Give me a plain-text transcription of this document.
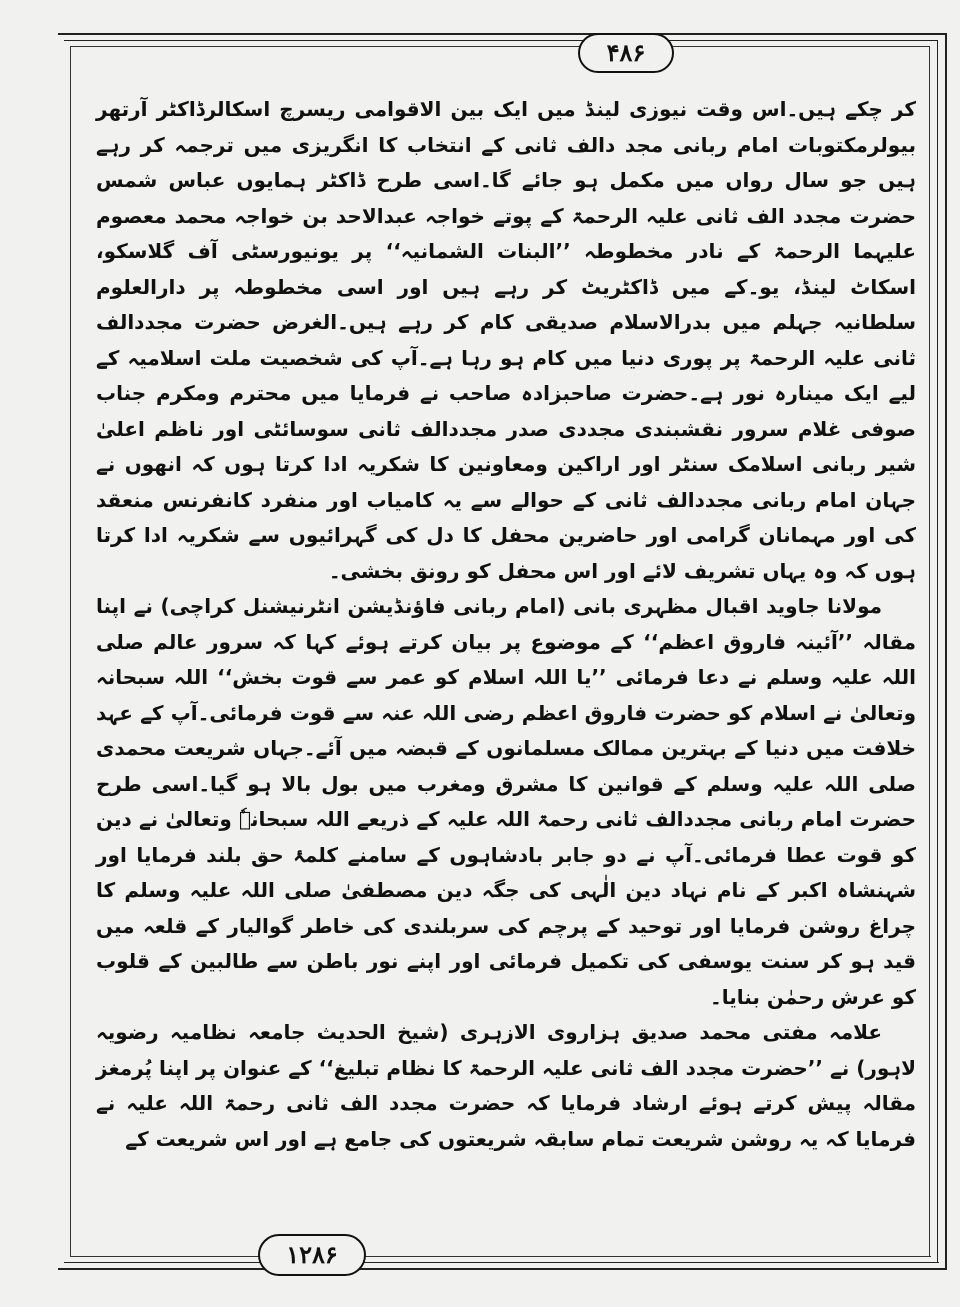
۴۸۶

کر چکے ہیں۔اس وقت نیوزی لینڈ میں ایک بین الاقوامی ریسرچ اسکالرڈاکٹر آرتھر بیولرمکتوبات امام ربانی مجد دالف ثانی کے انتخاب کا انگریزی میں ترجمہ کر رہے ہیں جو سال رواں میں مکمل ہو جائے گا۔اسی طرح ڈاکٹر ہمایوں عباس شمس حضرت مجدد الف ثانی علیہ الرحمۃ کے پوتے خواجہ عبدالاحد بن خواجہ محمد معصوم علیہما الرحمۃ کے نادر مخطوطہ ’’البنات الشمانیہ‘‘ پر یونیورسٹی آف گلاسکو، اسکاٹ لینڈ، یو۔کے میں ڈاکٹریٹ کر رہے ہیں اور اسی مخطوطہ پر دارالعلوم سلطانیہ جہلم میں بدرالاسلام صدیقی کام کر رہے ہیں۔الغرض حضرت مجددالف ثانی علیہ الرحمۃ پر پوری دنیا میں کام ہو رہا ہے۔آپ کی شخصیت ملت اسلامیہ کے لیے ایک مینارہ نور ہے۔حضرت صاحبزادہ صاحب نے فرمایا میں محترم ومکرم جناب صوفی غلام سرور نقشبندی مجددی صدر مجددالف ثانی سوسائٹی اور ناظم اعلیٰ شیر ربانی اسلامک سنٹر اور اراکین ومعاونین کا شکریہ ادا کرتا ہوں کہ انھوں نے جہان امام ربانی مجددالف ثانی کے حوالے سے یہ کامیاب اور منفرد کانفرنس منعقد کی اور مہمانان گرامی اور حاضرین محفل کا دل کی گہرائیوں سے شکریہ ادا کرتا ہوں کہ وہ یہاں تشریف لائے اور اس محفل کو رونق بخشی۔

مولانا جاوید اقبال مظہری بانی (امام ربانی فاؤنڈیشن انٹرنیشنل کراچی) نے اپنا مقالہ ’’آئینہ فاروق اعظم‘‘ کے موضوع پر بیان کرتے ہوئے کہا کہ سرور عالم صلی اللہ علیہ وسلم نے دعا فرمائی ’’یا اللہ اسلام کو عمر سے قوت بخش‘‘ اللہ سبحانہ وتعالیٰ نے اسلام کو حضرت فاروق اعظم رضی اللہ عنہ سے قوت فرمائی۔آپ کے عہد خلافت میں دنیا کے بہترین ممالک مسلمانوں کے قبضہ میں آئے۔جہاں شریعت محمدی صلی اللہ علیہ وسلم کے قوانین کا مشرق ومغرب میں بول بالا ہو گیا۔اسی طرح حضرت امام ربانی مجددالف ثانی رحمۃ اللہ علیہ کے ذریعے اللہ سبحانہٗ وتعالیٰ نے دین کو قوت عطا فرمائی۔آپ نے دو جابر بادشاہوں کے سامنے کلمۂ حق بلند فرمایا اور شہنشاہ اکبر کے نام نہاد دین الٰہی کی جگہ دین مصطفیٰ صلی اللہ علیہ وسلم کا چراغ روشن فرمایا اور توحید کے پرچم کی سربلندی کی خاطر گوالیار کے قلعہ میں قید ہو کر سنت یوسفی کی تکمیل فرمائی اور اپنے نور باطن سے طالبین کے قلوب کو عرش رحمٰن بنایا۔

علامہ مفتی محمد صدیق ہزاروی الازہری (شیخ الحدیث جامعہ نظامیہ رضویہ لاہور) نے ’’حضرت مجدد الف ثانی علیہ الرحمۃ کا نظام تبلیغ‘‘ کے عنوان پر اپنا پُرمغز مقالہ پیش کرتے ہوئے ارشاد فرمایا کہ حضرت مجدد الف ثانی رحمۃ اللہ علیہ نے فرمایا کہ یہ روشن شریعت تمام سابقہ شریعتوں کی جامع ہے اور اس شریعت کے

۱۲۸۶
